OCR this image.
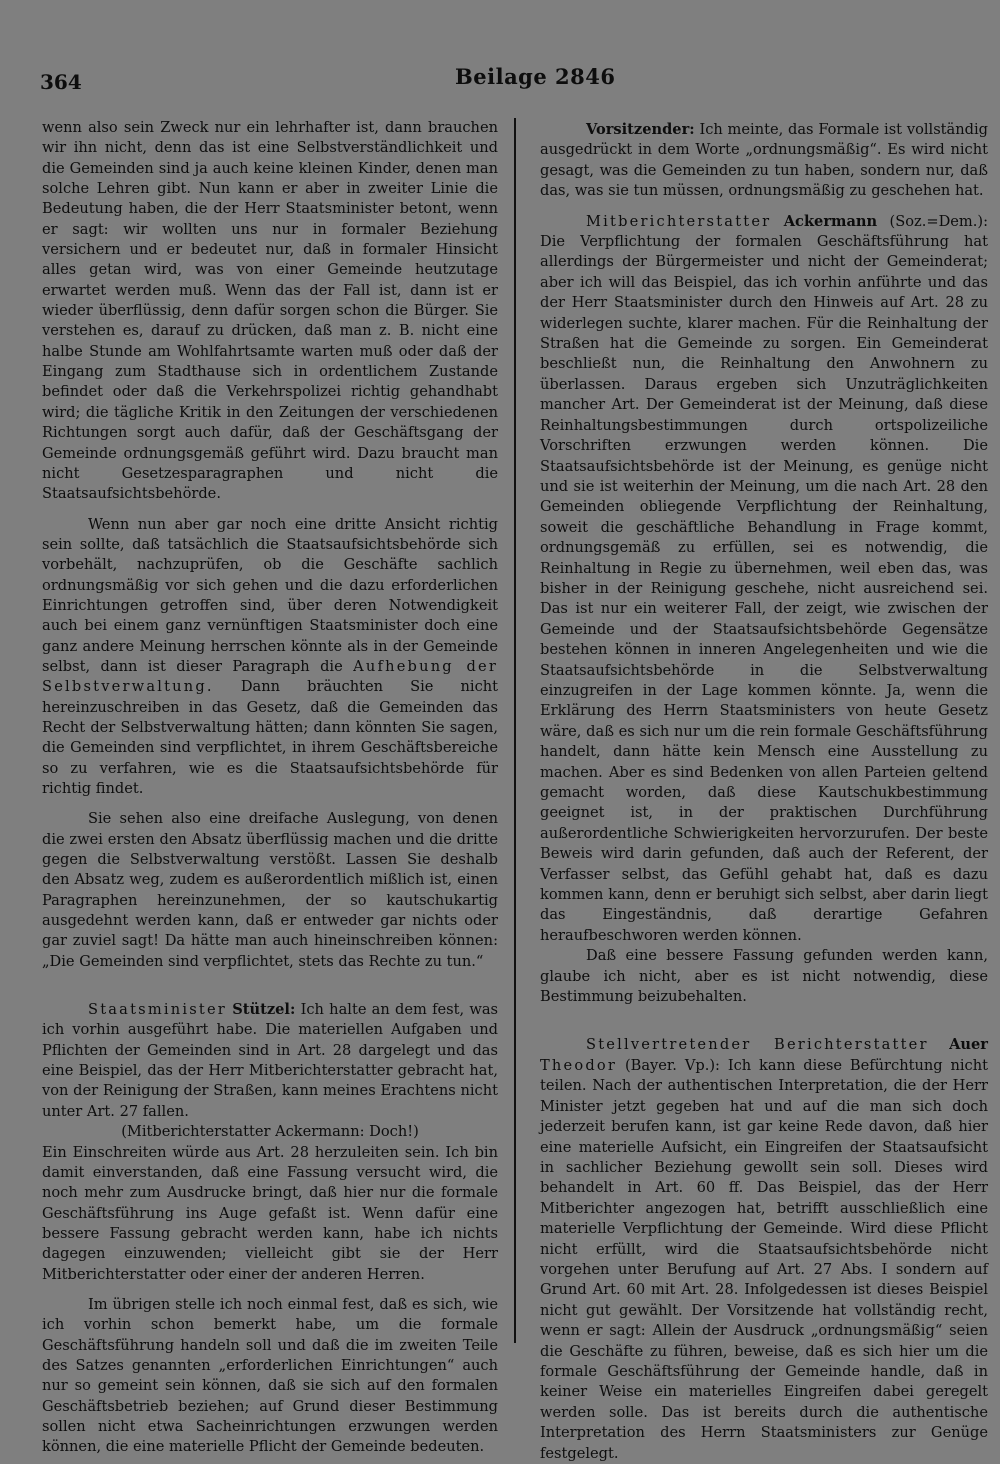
364	Beilage 2846

wenn also sein Zweck nur ein lehrhafter ist, dann brauchen wir ihn nicht, denn das ist eine Selbstverständlichkeit und die Gemeinden sind ja auch keine kleinen Kinder, denen man solche Lehren gibt. Nun kann er aber in zweiter Linie die Bedeutung haben, die der Herr Staatsminister betont, wenn er sagt: wir wollten uns nur in formaler Beziehung versichern und er bedeutet nur, daß in formaler Hinsicht alles getan wird, was von einer Gemeinde heutzutage erwartet werden muß. Wenn das der Fall ist, dann ist er wieder überflüssig, denn dafür sorgen schon die Bürger. Sie verstehen es, darauf zu drücken, daß man z. B. nicht eine halbe Stunde am Wohlfahrtsamte warten muß oder daß der Eingang zum Stadthause sich in ordentlichem Zustande befindet oder daß die Verkehrspolizei richtig gehandhabt wird; die tägliche Kritik in den Zeitungen der verschiedenen Richtungen sorgt auch dafür, daß der Geschäftsgang der Gemeinde ordnungsgemäß geführt wird. Dazu braucht man nicht Gesetzesparagraphen und nicht die Staatsaufsichtsbehörde.

Wenn nun aber gar noch eine dritte Ansicht richtig sein sollte, daß tatsächlich die Staatsaufsichtsbehörde sich vorbehält, nachzuprüfen, ob die Geschäfte sachlich ordnungsmäßig vor sich gehen und die dazu erforderlichen Einrichtungen getroffen sind, über deren Notwendigkeit auch bei einem ganz vernünftigen Staatsminister doch eine ganz andere Meinung herrschen könnte als in der Gemeinde selbst, dann ist dieser Paragraph die Aufhebung der Selbstverwaltung. Dann bräuchten Sie nicht hereinzuschreiben in das Gesetz, daß die Gemeinden das Recht der Selbstverwaltung hätten; dann könnten Sie sagen, die Gemeinden sind verpflichtet, in ihrem Geschäftsbereiche so zu verfahren, wie es die Staatsaufsichtsbehörde für richtig findet.

Sie sehen also eine dreifache Auslegung, von denen die zwei ersten den Absatz überflüssig machen und die dritte gegen die Selbstverwaltung verstößt. Lassen Sie deshalb den Absatz weg, zudem es außerordentlich mißlich ist, einen Paragraphen hereinzunehmen, der so kautschukartig ausgedehnt werden kann, daß er entweder gar nichts oder gar zuviel sagt! Da hätte man auch hineinschreiben können: „Die Gemeinden sind verpflichtet, stets das Rechte zu tun.“

Staatsminister Stützel: Ich halte an dem fest, was ich vorhin ausgeführt habe. Die materiellen Aufgaben und Pflichten der Gemeinden sind in Art. 28 dargelegt und das eine Beispiel, das der Herr Mitberichterstatter gebracht hat, von der Reinigung der Straßen, kann meines Erachtens nicht unter Art. 27 fallen.

(Mitberichterstatter Ackermann: Doch!)

Ein Einschreiten würde aus Art. 28 herzuleiten sein. Ich bin damit einverstanden, daß eine Fassung versucht wird, die noch mehr zum Ausdrucke bringt, daß hier nur die formale Geschäftsführung ins Auge gefaßt ist. Wenn dafür eine bessere Fassung gebracht werden kann, habe ich nichts dagegen einzuwenden; vielleicht gibt sie der Herr Mitberichterstatter oder einer der anderen Herren.

Im übrigen stelle ich noch einmal fest, daß es sich, wie ich vorhin schon bemerkt habe, um die formale Geschäftsführung handeln soll und daß die im zweiten Teile des Satzes genannten „erforderlichen Einrichtungen“ auch nur so gemeint sein können, daß sie sich auf den formalen Geschäftsbetrieb beziehen; auf Grund dieser Bestimmung sollen nicht etwa Sacheinrichtungen erzwungen werden können, die eine materielle Pflicht der Gemeinde bedeuten.

Vorsitzender: Ich meinte, das Formale ist vollständig ausgedrückt in dem Worte „ordnungsmäßig“. Es wird nicht gesagt, was die Gemeinden zu tun haben, sondern nur, daß das, was sie tun müssen, ordnungsmäßig zu geschehen hat.

Mitberichterstatter Ackermann (Soz.=Dem.): Die Verpflichtung der formalen Geschäftsführung hat allerdings der Bürgermeister und nicht der Gemeinderat; aber ich will das Beispiel, das ich vorhin anführte und das der Herr Staatsminister durch den Hinweis auf Art. 28 zu widerlegen suchte, klarer machen. Für die Reinhaltung der Straßen hat die Gemeinde zu sorgen. Ein Gemeinderat beschließt nun, die Reinhaltung den Anwohnern zu überlassen. Daraus ergeben sich Unzuträglichkeiten mancher Art. Der Gemeinderat ist der Meinung, daß diese Reinhaltungsbestimmungen durch ortspolizeiliche Vorschriften erzwungen werden können. Die Staatsaufsichtsbehörde ist der Meinung, es genüge nicht und sie ist weiterhin der Meinung, um die nach Art. 28 den Gemeinden obliegende Verpflichtung der Reinhaltung, soweit die geschäftliche Behandlung in Frage kommt, ordnungsgemäß zu erfüllen, sei es notwendig, die Reinhaltung in Regie zu übernehmen, weil eben das, was bisher in der Reinigung geschehe, nicht ausreichend sei. Das ist nur ein weiterer Fall, der zeigt, wie zwischen der Gemeinde und der Staatsaufsichtsbehörde Gegensätze bestehen können in inneren Angelegenheiten und wie die Staatsaufsichtsbehörde in die Selbstverwaltung einzugreifen in der Lage kommen könnte. Ja, wenn die Erklärung des Herrn Staatsministers von heute Gesetz wäre, daß es sich nur um die rein formale Geschäftsführung handelt, dann hätte kein Mensch eine Ausstellung zu machen. Aber es sind Bedenken von allen Parteien geltend gemacht worden, daß diese Kautschukbestimmung geeignet ist, in der praktischen Durchführung außerordentliche Schwierigkeiten hervorzurufen. Der beste Beweis wird darin gefunden, daß auch der Referent, der Verfasser selbst, das Gefühl gehabt hat, daß es dazu kommen kann, denn er beruhigt sich selbst, aber darin liegt das Eingeständnis, daß derartige Gefahren heraufbeschworen werden können.

Daß eine bessere Fassung gefunden werden kann, glaube ich nicht, aber es ist nicht notwendig, diese Bestimmung beizubehalten.

Stellvertretender Berichterstatter Auer Theodor (Bayer. Vp.): Ich kann diese Befürchtung nicht teilen. Nach der authentischen Interpretation, die der Herr Minister jetzt gegeben hat und auf die man sich doch jederzeit berufen kann, ist gar keine Rede davon, daß hier eine materielle Aufsicht, ein Eingreifen der Staatsaufsicht in sachlicher Beziehung gewollt sein soll. Dieses wird behandelt in Art. 60 ff. Das Beispiel, das der Herr Mitberichter angezogen hat, betrifft ausschließlich eine materielle Verpflichtung der Gemeinde. Wird diese Pflicht nicht erfüllt, wird die Staatsaufsichtsbehörde nicht vorgehen unter Berufung auf Art. 27 Abs. I sondern auf Grund Art. 60 mit Art. 28. Infolgedessen ist dieses Beispiel nicht gut gewählt. Der Vorsitzende hat vollständig recht, wenn er sagt: Allein der Ausdruck „ordnungsmäßig“ seien die Geschäfte zu führen, beweise, daß es sich hier um die formale Geschäftsführung der Gemeinde handle, daß in keiner Weise ein materielles Eingreifen dabei geregelt werden solle. Das ist bereits durch die authentische Interpretation des Herrn Staatsministers zur Genüge festgelegt.
